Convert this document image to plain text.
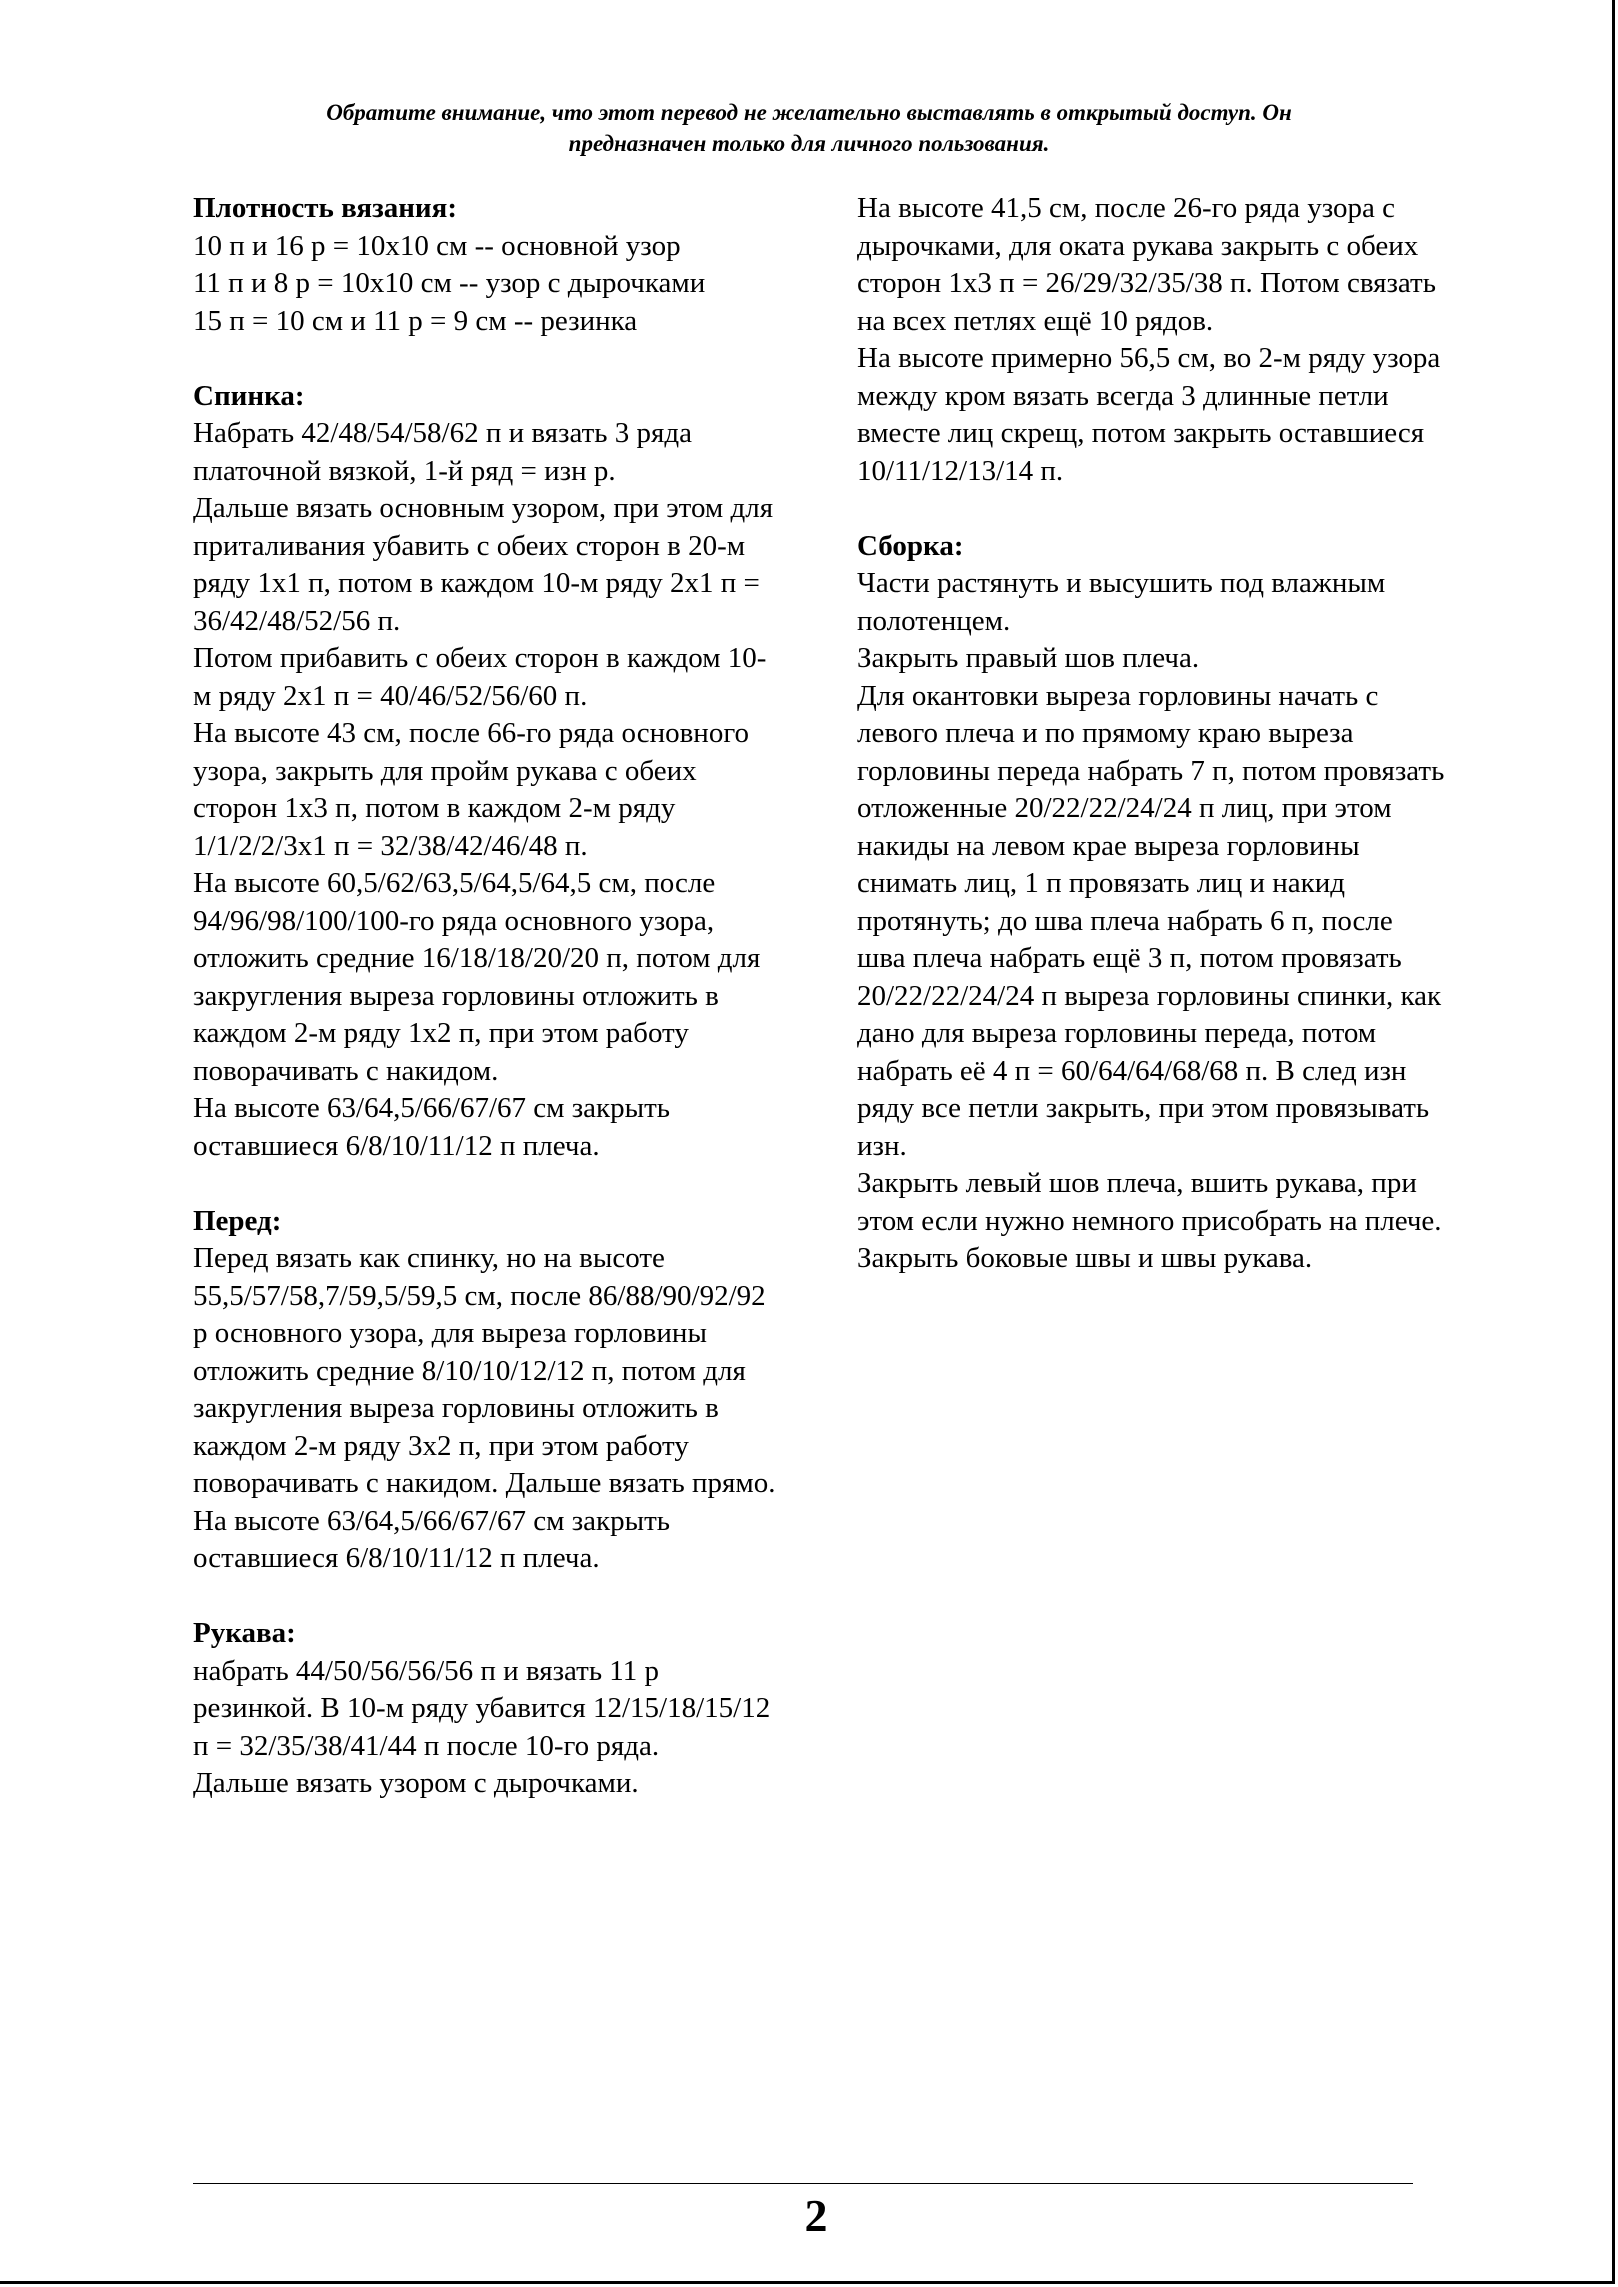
Обратите внимание, что этот перевод не желательно выставлять в открытый доступ. Он
предназначен только для личного пользования.

Плотность вязания:

10 п и 16 р = 10х10 см -- основной узор

11 п и 8 р = 10х10 см -- узор с дырочками

15 п = 10 см и 11 р = 9 см -- резинка

Спинка:

Набрать 42/48/54/58/62 п и вязать 3 ряда платочной вязкой, 1-й ряд = изн р.

Дальше вязать основным узором, при этом для приталивания убавить с обеих сторон в 20-м ряду 1х1 п, потом в каждом 10-м ряду 2х1 п = 36/42/48/52/56 п.

Потом прибавить с обеих сторон в каждом 10-м ряду 2х1 п = 40/46/52/56/60 п.

На высоте 43 см, после 66-го ряда основного узора, закрыть для пройм рукава с обеих сторон 1х3 п, потом в каждом 2-м ряду 1/1/2/2/3х1 п = 32/38/42/46/48 п.

На высоте 60,5/62/63,5/64,5/64,5 см, после 94/96/98/100/100-го ряда основного узора, отложить средние 16/18/18/20/20 п, потом для закругления выреза горловины отложить в каждом 2-м ряду 1х2 п, при этом работу поворачивать с накидом.

На высоте 63/64,5/66/67/67 см закрыть оставшиеся 6/8/10/11/12 п плеча.

Перед:

Перед вязать как спинку, но на высоте 55,5/57/58,7/59,5/59,5 см, после 86/88/90/92/92 р основного узора, для выреза горловины отложить средние 8/10/10/12/12 п, потом для закругления выреза горловины отложить в каждом 2-м ряду 3х2 п, при этом работу поворачивать с накидом. Дальше вязать прямо.

На высоте 63/64,5/66/67/67 см закрыть оставшиеся 6/8/10/11/12 п плеча.

Рукава:

набрать 44/50/56/56/56 п и вязать 11 р резинкой. В 10-м ряду убавится 12/15/18/15/12 п = 32/35/38/41/44 п после 10-го ряда.

Дальше вязать узором с дырочками.

На высоте 41,5 см, после 26-го ряда узора с дырочками, для оката рукава закрыть с обеих сторон 1х3 п = 26/29/32/35/38 п. Потом связать на всех петлях ещё 10 рядов.

На высоте примерно 56,5 см, во 2-м ряду узора между кром вязать всегда 3 длинные петли вместе лиц скрещ, потом закрыть оставшиеся 10/11/12/13/14 п.

Сборка:

Части растянуть и высушить под влажным полотенцем.

Закрыть правый шов плеча.

Для окантовки выреза горловины начать с левого плеча и по прямому краю выреза горловины переда набрать 7 п, потом провязать отложенные 20/22/22/24/24 п лиц, при этом накиды на левом крае выреза горловины снимать лиц, 1 п провязать лиц и накид протянуть; до шва плеча набрать 6 п, после шва плеча набрать ещё 3 п, потом провязать 20/22/22/24/24 п выреза горловины спинки, как дано для выреза горловины переда, потом набрать её 4 п = 60/64/64/68/68 п. В след изн ряду все петли закрыть, при этом провязывать изн.

Закрыть левый шов плеча, вшить рукава, при этом если нужно немного присобрать на плече. Закрыть боковые швы и швы рукава.

2
